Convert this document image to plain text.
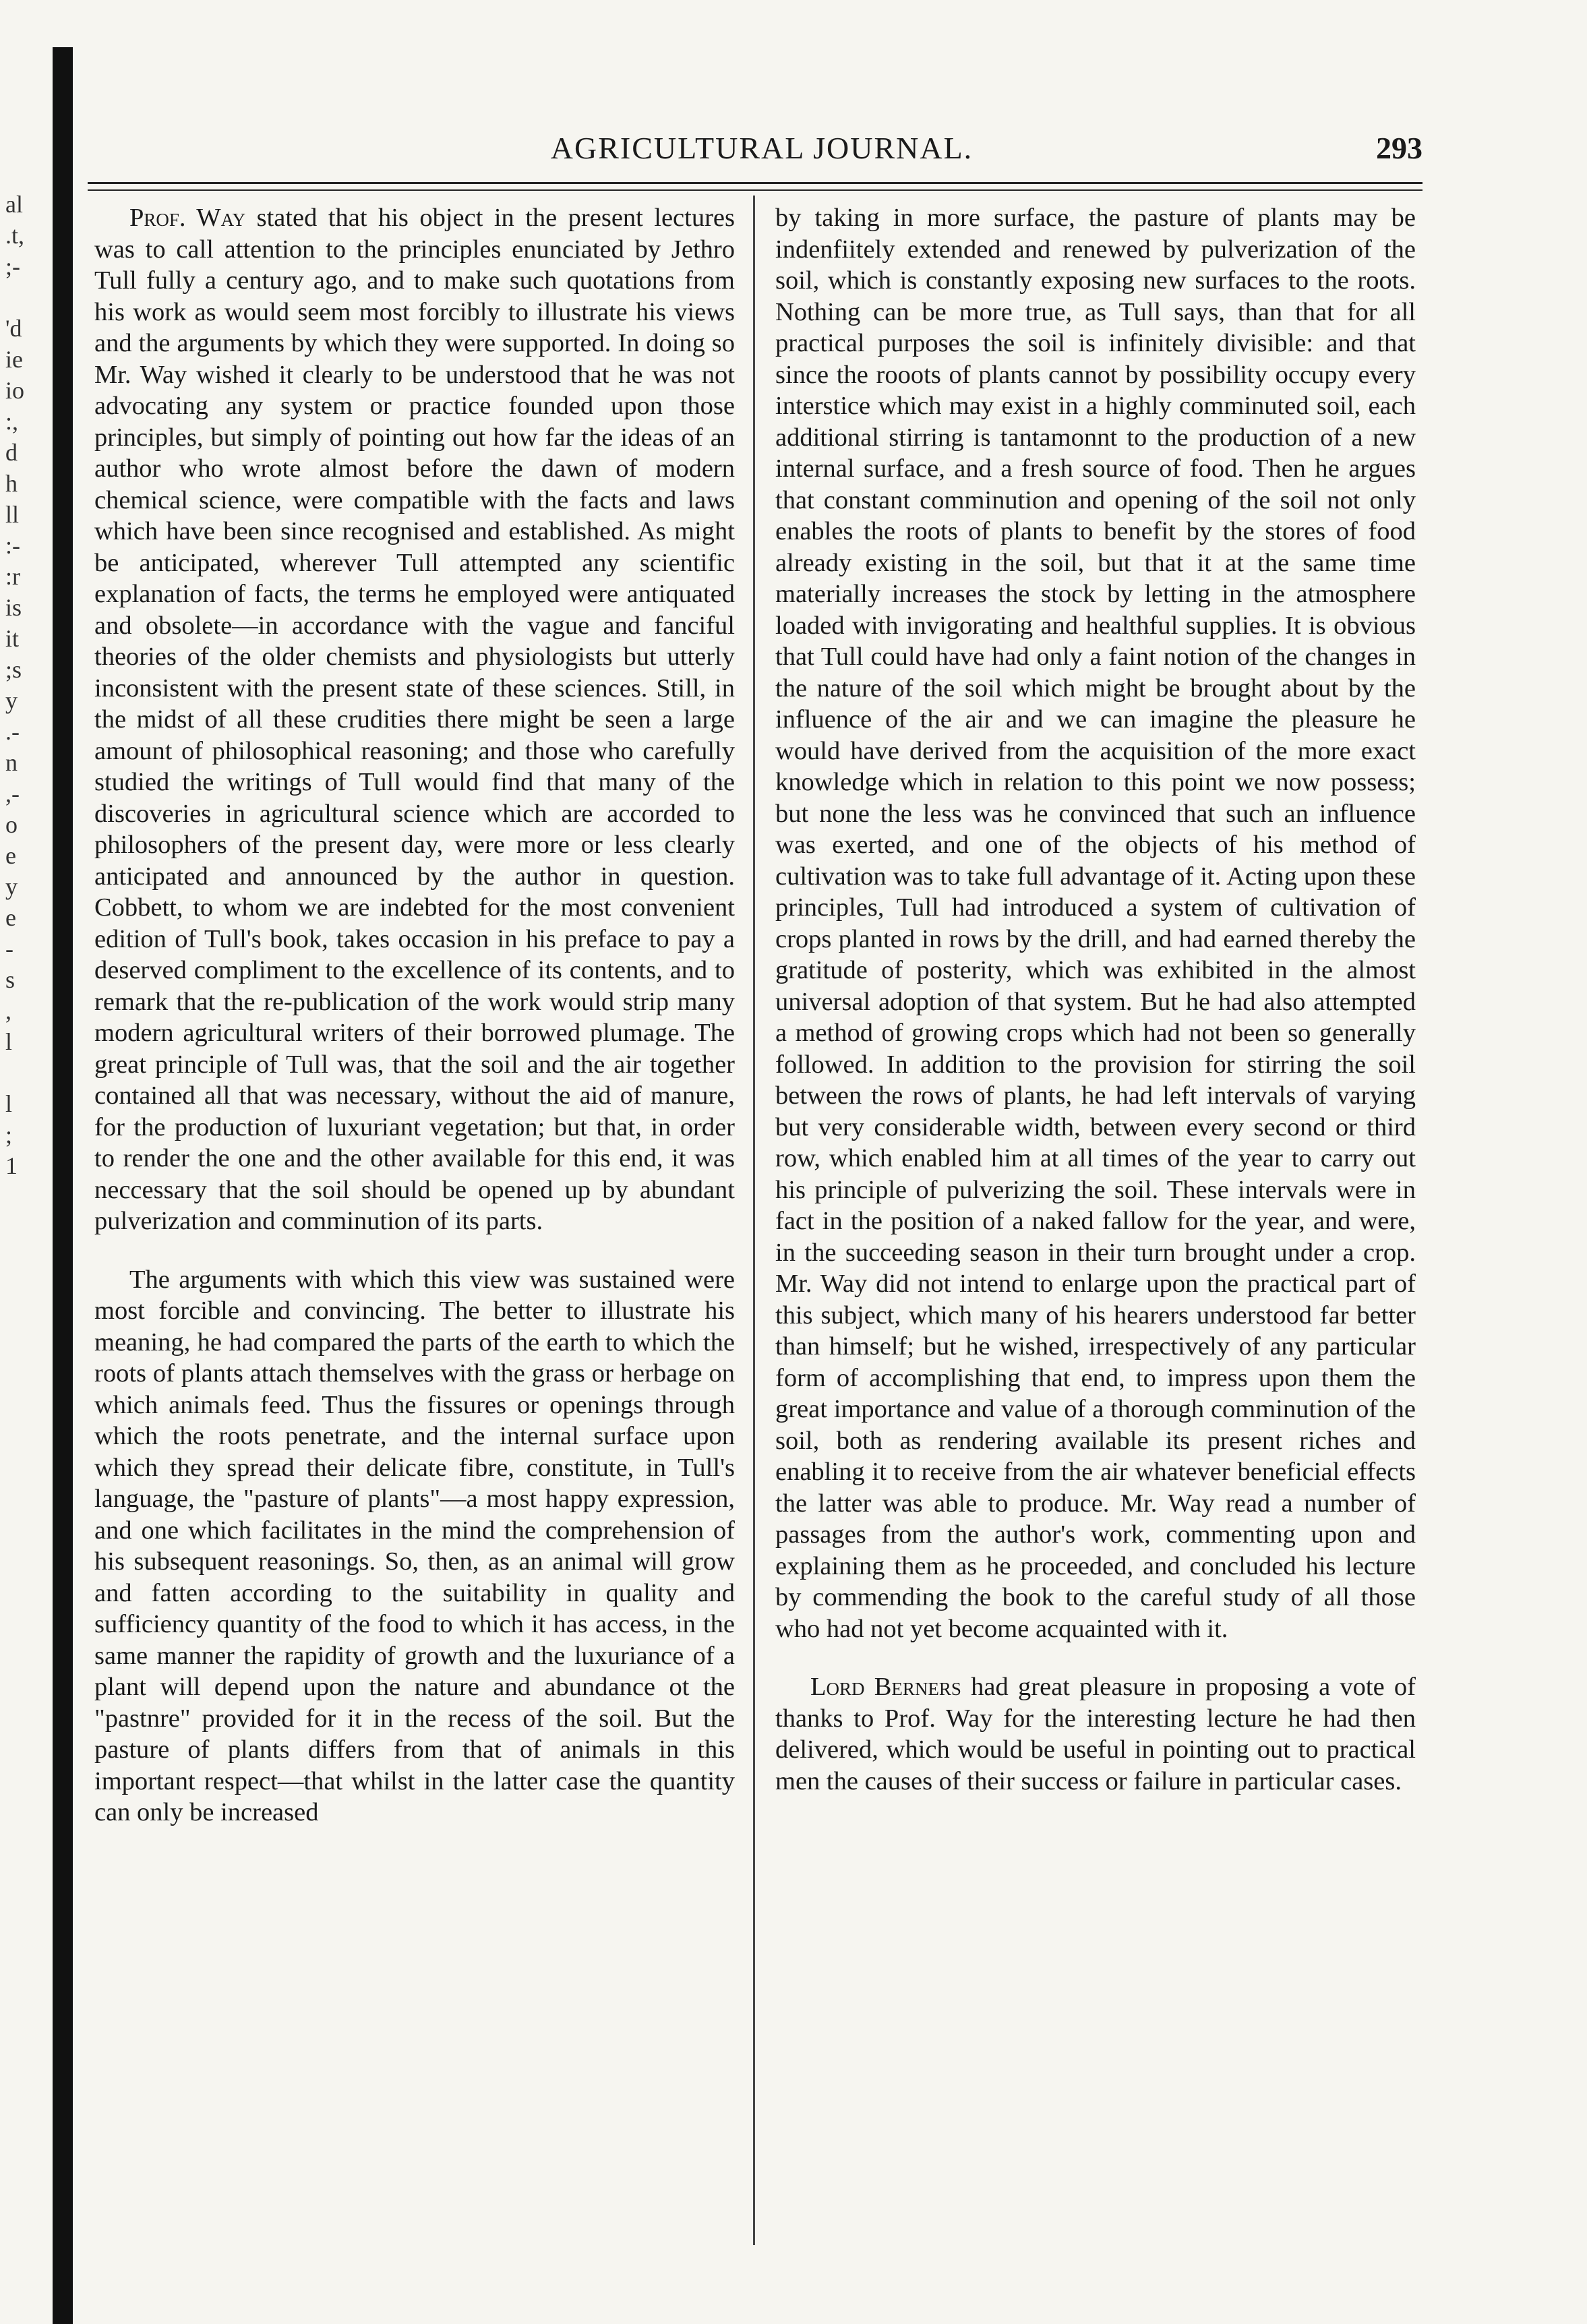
al
.t,
;-

'd
ie
io
:,
d
h
ll
:-
:r
is
it
;s
y
.-
n
,-
o
e
y
e
-
s
,
l

l
;
1
AGRICULTURAL JOURNAL.	293

Prof. Way stated that his object in the present lectures was to call attention to the principles enunciated by Jethro Tull fully a century ago, and to make such quotations from his work as would seem most forcibly to illustrate his views and the arguments by which they were supported. In doing so Mr. Way wished it clearly to be understood that he was not advocating any system or practice founded upon those principles, but simply of pointing out how far the ideas of an author who wrote almost before the dawn of modern chemical science, were compatible with the facts and laws which have been since recognised and established. As might be anticipated, wherever Tull attempted any scientific explanation of facts, the terms he employed were antiquated and obsolete—in accordance with the vague and fanciful theories of the older chemists and physiologists but utterly inconsistent with the present state of these sciences. Still, in the midst of all these crudities there might be seen a large amount of philosophical reasoning; and those who carefully studied the writings of Tull would find that many of the discoveries in agricultural science which are accorded to philosophers of the present day, were more or less clearly anticipated and announced by the author in question. Cobbett, to whom we are indebted for the most convenient edition of Tull's book, takes occasion in his preface to pay a deserved compliment to the excellence of its contents, and to remark that the re-publication of the work would strip many modern agricultural writers of their borrowed plumage. The great principle of Tull was, that the soil and the air together contained all that was necessary, without the aid of manure, for the production of luxuriant vegetation; but that, in order to render the one and the other available for this end, it was neccessary that the soil should be opened up by abundant pulverization and comminution of its parts.

The arguments with which this view was sustained were most forcible and convincing. The better to illustrate his meaning, he had compared the parts of the earth to which the roots of plants attach themselves with the grass or herbage on which animals feed. Thus the fissures or openings through which the roots penetrate, and the internal surface upon which they spread their delicate fibre, constitute, in Tull's language, the "pasture of plants"—a most happy expression, and one which facilitates in the mind the comprehension of his subsequent reasonings. So, then, as an animal will grow and fatten according to the suitability in quality and sufficiency quantity of the food to which it has access, in the same manner the rapidity of growth and the luxuriance of a plant will depend upon the nature and abundance ot the "pastnre" provided for it in the recess of the soil. But the pasture of plants differs from that of animals in this important respect—that whilst in the latter case the quantity can only be increased

by taking in more surface, the pasture of plants may be indenfiitely extended and renewed by pulverization of the soil, which is constantly exposing new surfaces to the roots. Nothing can be more true, as Tull says, than that for all practical purposes the soil is infinitely divisible: and that since the rooots of plants cannot by possibility occupy every interstice which may exist in a highly comminuted soil, each additional stirring is tantamonnt to the production of a new internal surface, and a fresh source of food. Then he argues that constant comminution and opening of the soil not only enables the roots of plants to benefit by the stores of food already existing in the soil, but that it at the same time materially increases the stock by letting in the atmosphere loaded with invigorating and healthful supplies. It is obvious that Tull could have had only a faint notion of the changes in the nature of the soil which might be brought about by the influence of the air and we can imagine the pleasure he would have derived from the acquisition of the more exact knowledge which in relation to this point we now possess; but none the less was he convinced that such an influence was exerted, and one of the objects of his method of cultivation was to take full advantage of it. Acting upon these principles, Tull had introduced a system of cultivation of crops planted in rows by the drill, and had earned thereby the gratitude of posterity, which was exhibited in the almost universal adoption of that system. But he had also attempted a method of growing crops which had not been so generally followed. In addition to the provision for stirring the soil between the rows of plants, he had left intervals of varying but very considerable width, between every second or third row, which enabled him at all times of the year to carry out his principle of pulverizing the soil. These intervals were in fact in the position of a naked fallow for the year, and were, in the succeeding season in their turn brought under a crop. Mr. Way did not intend to enlarge upon the practical part of this subject, which many of his hearers understood far better than himself; but he wished, irrespectively of any particular form of accomplishing that end, to impress upon them the great importance and value of a thorough comminution of the soil, both as rendering available its present riches and enabling it to receive from the air whatever beneficial effects the latter was able to produce. Mr. Way read a number of passages from the author's work, commenting upon and explaining them as he proceeded, and concluded his lecture by commending the book to the careful study of all those who had not yet become acquainted with it.

Lord Berners had great pleasure in proposing a vote of thanks to Prof. Way for the interesting lecture he had then delivered, which would be useful in pointing out to practical men the causes of their success or failure in particular cases.
